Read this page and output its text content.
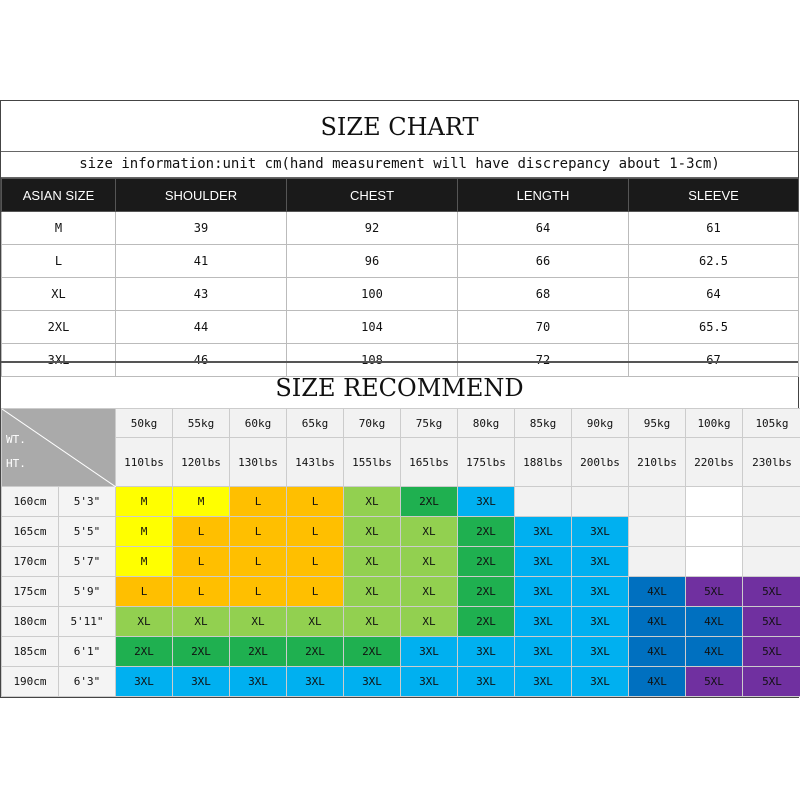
SIZE CHART
size information:unit cm(hand measurement will have discrepancy about 1-3cm)
ASIAN SIZE	SHOULDER	CHEST	LENGTH	SLEEVE
M	39	92	64	61
L	41	96	66	62.5
XL	43	100	68	64
2XL	44	104	70	65.5
3XL	46	108	72	67
SIZE RECOMMEND
WT.
HT.		50kg	55kg	60kg	65kg	70kg	75kg	80kg	85kg	90kg	95kg	100kg	105kg
		110lbs	120lbs	130lbs	143lbs	155lbs	165lbs	175lbs	188lbs	200lbs	210lbs	220lbs	230lbs
160cm	5'3"	M	M	L	L	XL	2XL	3XL					
165cm	5'5"	M	L	L	L	XL	XL	2XL	3XL	3XL			
170cm	5'7"	M	L	L	L	XL	XL	2XL	3XL	3XL			
175cm	5'9"	L	L	L	L	XL	XL	2XL	3XL	3XL	4XL	5XL	5XL
180cm	5'11"	XL	XL	XL	XL	XL	XL	2XL	3XL	3XL	4XL	4XL	5XL
185cm	6'1"	2XL	2XL	2XL	2XL	2XL	3XL	3XL	3XL	3XL	4XL	4XL	5XL
190cm	6'3"	3XL	3XL	3XL	3XL	3XL	3XL	3XL	3XL	3XL	4XL	5XL	5XL
